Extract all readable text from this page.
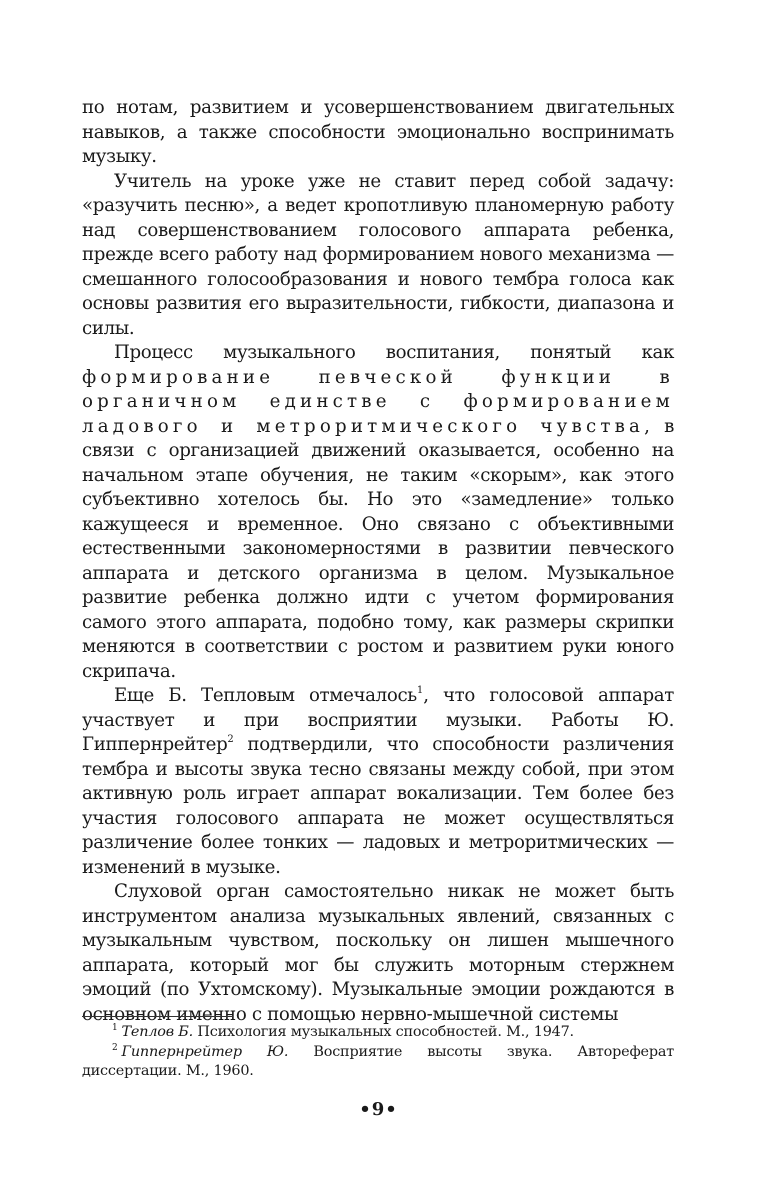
по нотам, развитием и усовершенствованием двигательных навыков, а также способности эмоционально воспринимать музыку.

Учитель на уроке уже не ставит перед собой задачу: «разучить песню», а ведет кропотливую планомерную работу над совершенствованием голосового аппарата ребенка, прежде всего работу над формированием нового механизма — смешанного голосообразования и нового тембра голоса как основы развития его выразительности, гибкости, диапазона и силы.

Процесс музыкального воспитания, понятый как формирование певческой функции в органичном единстве с формированием ладового и метроритмического чувства, в связи с организацией движений оказывается, особенно на начальном этапе обучения, не таким «скорым», как этого субъективно хотелось бы. Но это «замедление» только кажущееся и временное. Оно связано с объективными естественными закономерностями в развитии певческого аппарата и детского организма в целом. Музыкальное развитие ребенка должно идти с учетом формирования самого этого аппарата, подобно тому, как размеры скрипки меняются в соответствии с ростом и развитием руки юного скрипача.

Еще Б. Тепловым отмечалось$^1$, что голосовой аппарат участвует и при восприятии музыки. Работы Ю. Гиппернрейтер$^2$ подтвердили, что способности различения тембра и высоты звука тесно связаны между собой, при этом активную роль играет аппарат вокализации. Тем более без участия голосового аппарата не может осуществляться различение более тонких — ладовых и метроритмических — изменений в музыке.

Слуховой орган самостоятельно никак не может быть инструментом анализа музыкальных явлений, связанных с музыкальным чувством, поскольку он лишен мышечного аппарата, который мог бы служить моторным стержнем эмоций (по Ухтомскому). Музыкальные эмоции рождаются в основном именно с помощью нервно-мышечной системы

$^1$ Теплов Б. Психология музыкальных способностей. М., 1947.

$^2$ Гиппернрейтер Ю. Восприятие высоты звука. Автореферат диссертации. М., 1960.

•9•
